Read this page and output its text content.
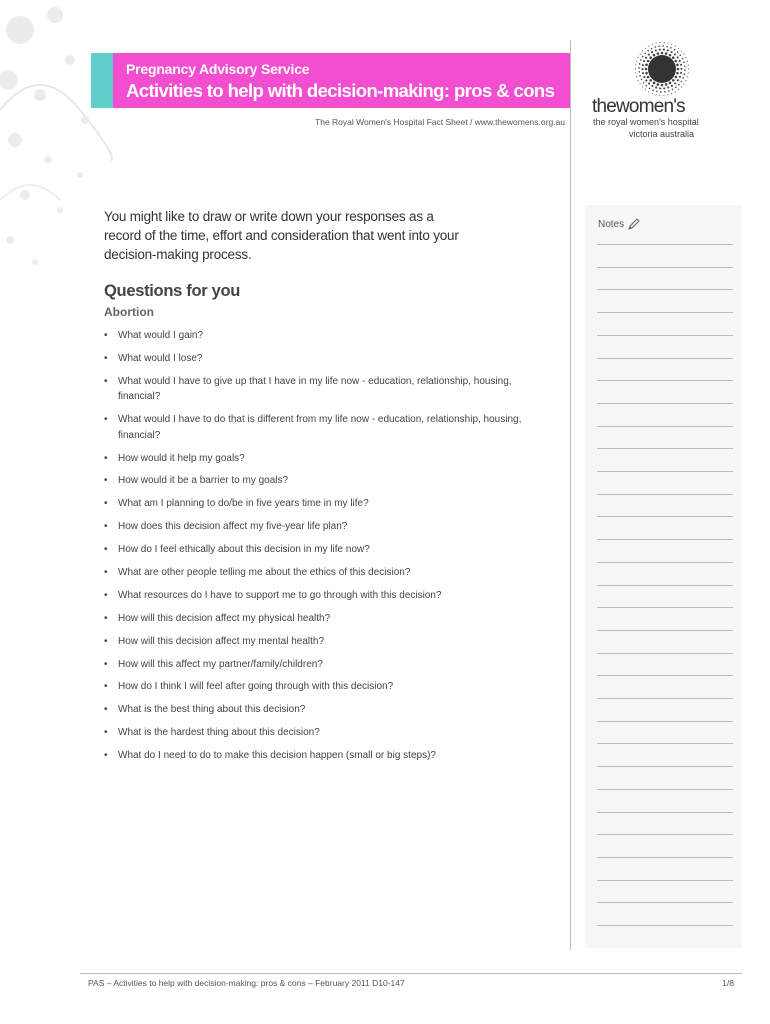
Pregnancy Advisory Service
Activities to help with decision-making: pros & cons
The Royal Women's Hospital Fact Sheet / www.thewomens.org.au
thewomen's
the royal women's hospital
victoria australia
You might like to draw or write down your responses as a record of the time, effort and consideration that went into your decision-making process.
Questions for you
Abortion
• What would I gain?
• What would I lose?
• What would I have to give up that I have in my life now - education, relationship, housing, financial?
• What would I have to do that is different from my life now - education, relationship, housing, financial?
• How would it help my goals?
• How would it be a barrier to my goals?
• What am I planning to do/be in five years time in my life?
• How does this decision affect my five-year life plan?
• How do I feel ethically about this decision in my life now?
• What are other people telling me about the ethics of this decision?
• What resources do I have to support me to go through with this decision?
• How will this decision affect my physical health?
• How will this decision affect my mental health?
• How will this affect my partner/family/children?
• How do I think I will feel after going through with this decision?
• What is the best thing about this decision?
• What is the hardest thing about this decision?
• What do I need to do to make this decision happen (small or big steps)?
Notes
PAS – Activities to help with decision-making: pros & cons – February 2011 D10-147	1/8
